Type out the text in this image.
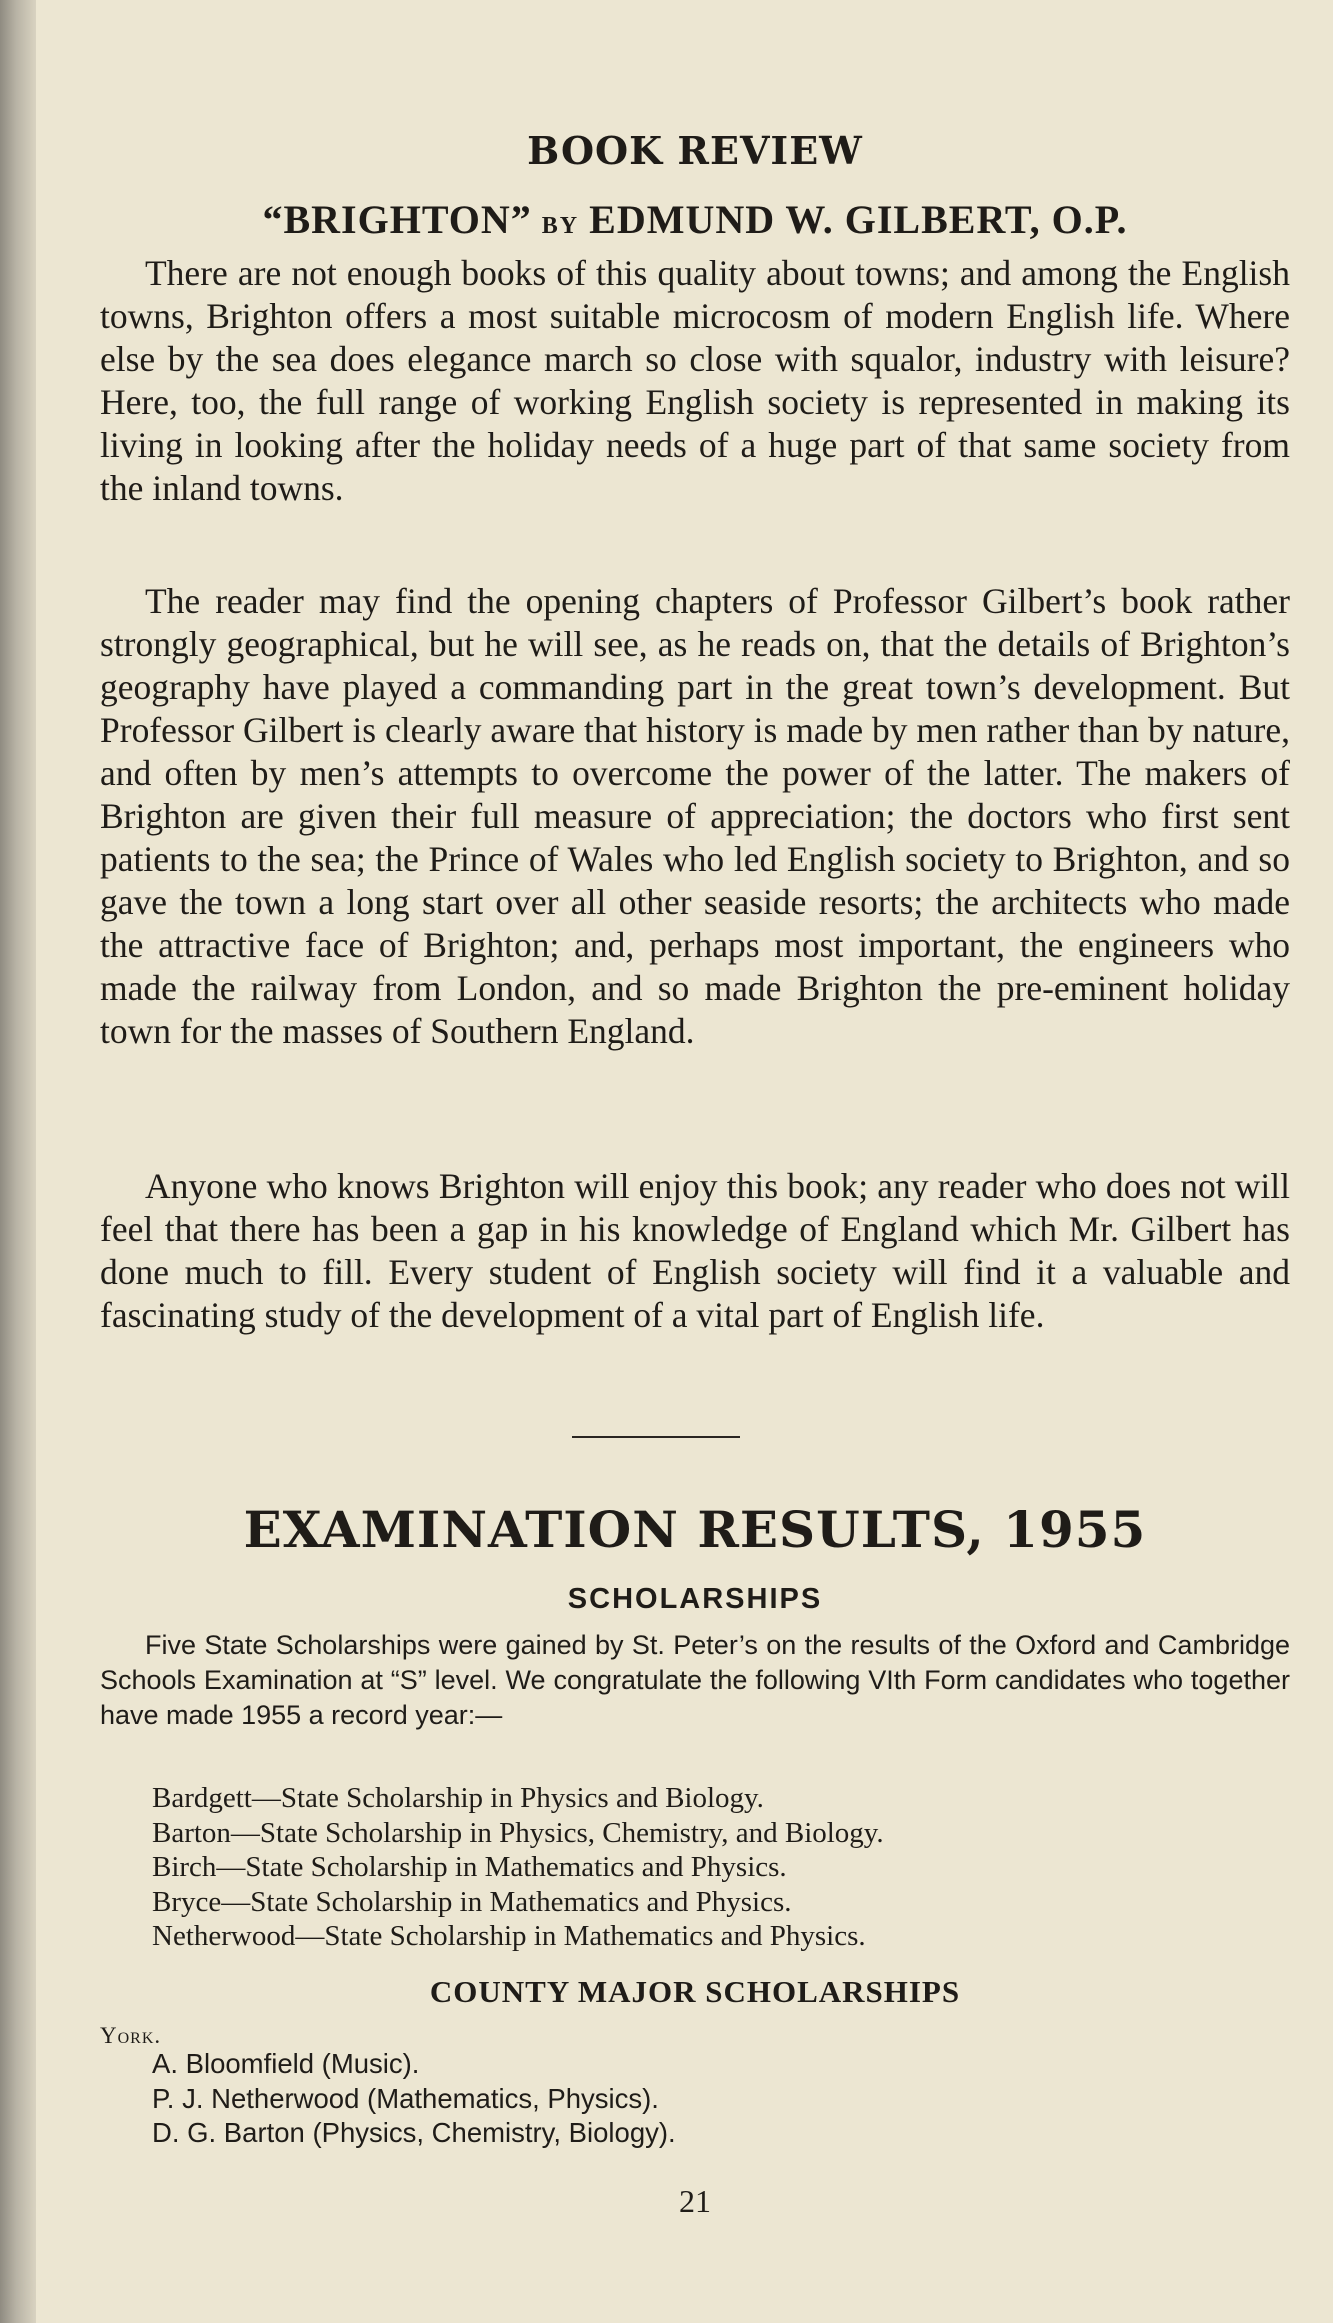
BOOK REVIEW
“BRIGHTON” BY EDMUND W. GILBERT, O.P.

There are not enough books of this quality about towns; and among the English towns, Brighton offers a most suitable microcosm of modern English life. Where else by the sea does elegance march so close with squalor, industry with leisure? Here, too, the full range of working English society is represented in making its living in looking after the holiday needs of a huge part of that same society from the inland towns.

The reader may find the opening chapters of Professor Gilbert’s book rather strongly geographical, but he will see, as he reads on, that the details of Brighton’s geography have played a commanding part in the great town’s development. But Professor Gilbert is clearly aware that history is made by men rather than by nature, and often by men’s attempts to overcome the power of the latter. The makers of Brighton are given their full measure of appreciation; the doctors who first sent patients to the sea; the Prince of Wales who led English society to Brighton, and so gave the town a long start over all other seaside resorts; the architects who made the attractive face of Brighton; and, perhaps most important, the engineers who made the railway from London, and so made Brighton the pre-eminent holiday town for the masses of Southern England.

Anyone who knows Brighton will enjoy this book; any reader who does not will feel that there has been a gap in his knowledge of England which Mr. Gilbert has done much to fill. Every student of English society will find it a valuable and fascinating study of the development of a vital part of English life.

EXAMINATION RESULTS, 1955
SCHOLARSHIPS

Five State Scholarships were gained by St. Peter’s on the results of the Oxford and Cambridge Schools Examination at “S” level. We congratulate the following VIth Form candidates who together have made 1955 a record year:—

Bardgett—State Scholarship in Physics and Biology.
Barton—State Scholarship in Physics, Chemistry, and Biology.
Birch—State Scholarship in Mathematics and Physics.
Bryce—State Scholarship in Mathematics and Physics.
Netherwood—State Scholarship in Mathematics and Physics.
COUNTY MAJOR SCHOLARSHIPS

York.

A. Bloomfield (Music).
P. J. Netherwood (Mathematics, Physics).
D. G. Barton (Physics, Chemistry, Biology).

21
